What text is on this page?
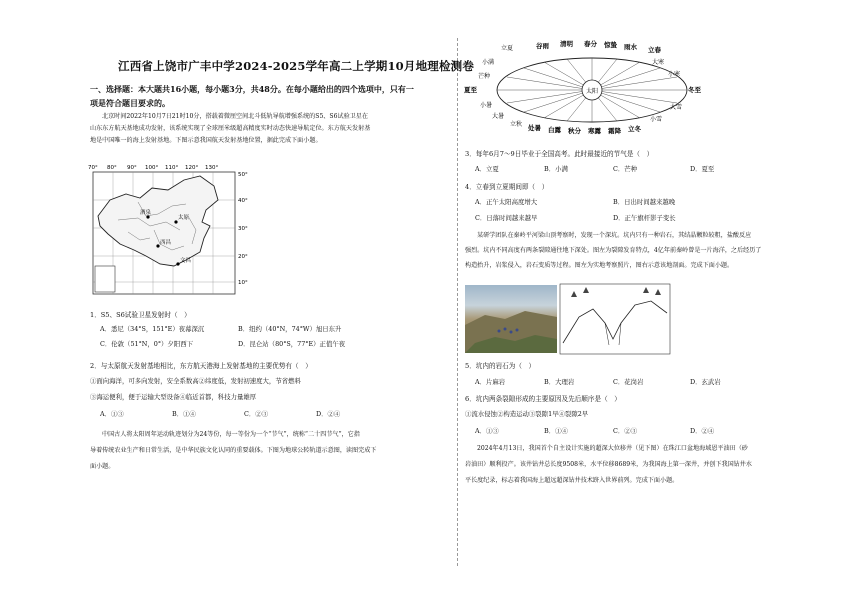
江西省上饶市广丰中学2024-2025学年高二上学期10月地理检测卷
一、选择题：本大题共16小题，每小题3分，共48分。在每小题给出的四个选项中，只有一
项是符合题目要求的。
北京时间2022年10月7日21时10分，搭载着微厘空间北斗低轨导航增强系统的S5、S6试验卫星在
山东东方航天基地成功发射，该系统实现了全球厘米级超高精度实时动态快速导航定位。东方航天发射基
地是中国唯一的海上发射基地。下图示意我国航天发射基地位置，据此完成下面小题。
70° 80° 90° 100° 110° 120° 130°
50°
40°
30°
20°
10°
酒泉
太原
西昌
文昌
1．S5、S6试验卫星发射时（　）
A．悉尼（34°S，151°E）夜幕深沉	B．纽约（40°N，74°W）旭日东升
C．伦敦（51°N，0°）夕阳西下	D．昆仑站（80°S，77°E）正值午夜
2．与太原航天发射基地相比，东方航天港海上发射基地的主要优势有（　）
①面向海洋，可多向发射，安全系数高②纬度低，发射初速度大，节省燃料
③海运便利，便于运输大型设备④临近首都，科技力量雄厚
A．①③	B．①④	C．②③	D．②④
中国古人将太阳周年运动轨迹划分为24等份，每一等份为一个“节气”，统称“二十四节气”，它指
导着传统农业生产和日常生活，是中华民族文化认同的重要载体。下图为地球公转轨道示意图，读图完成下
面小题。
太阳
立夏	谷雨 清明 春分 惊蛰 雨水 立春
大寒
小寒
冬至
大雪
小雪
立冬
霜降
寒露
秋分
白露
处暑
立秋
大暑
小暑
夏至
芒种
小满
3．每年6月7～9日毕业于全国高考。此时最接近的节气是（　）
A．立夏	B．小满	C．芒种	D．夏至
4．立春到立夏期间即（　）
A．正午太阳高度增大	B．日出时间越来越晚
C．日落时间越来越早	D．正午旗杆影子变长
某研学团队在秦岭平河梁山顶考察时，发现一个深坑。坑内只有一种岩石，其结晶颗粒较粗，盐酸反应
强烈。坑内不同高度有两条裂隙通往地下深处。图左为裂隙发育特点，4亿年前秦岭曾是一片海洋，之后经历了
构造抬升，岩浆侵入，岩石变质等过程。图左为实地考察照片，图右示意该地剖面。完成下面小题。
5．坑内的岩石为（　）
A．片麻岩	B．大理岩	C．花岗岩	D．玄武岩
6．坑内两条裂隙形成的主要原因及先后顺序是（　）
①流水侵蚀②构造运动③裂隙1早④裂隙2早
A．①③	B．①④	C．②③	D．②④
2024年4月13日，我国首个自主设计实施的超深大位移井（见下图）在珠江口盆地海域恩平油田（砂
岩油田）顺利投产。该井钻井总长度9508米，水平位移8689米，为我国海上第一深井，并创下我国钻井水
平长度纪录，标志着我国海上超远超深钻井技术跻入世界前列。完成下面小题。
